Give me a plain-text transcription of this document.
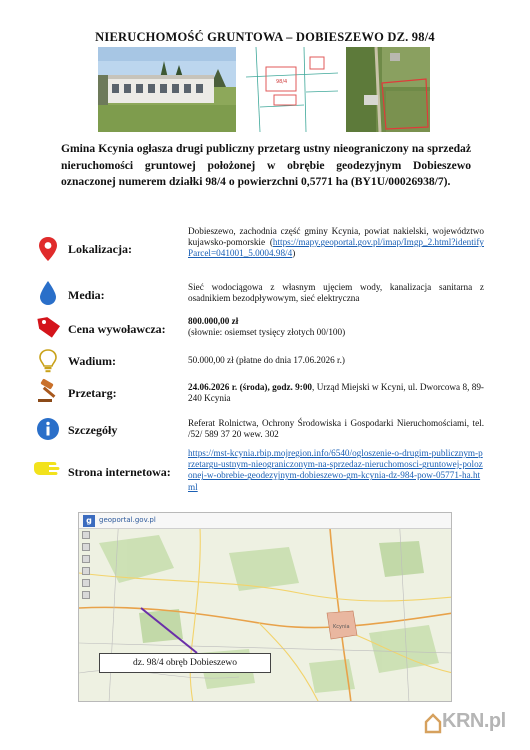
NIERUCHOMOŚĆ GRUNTOWA – DOBIESZEWO DZ. 98/4
98/4
Gmina Kcynia ogłasza drugi publiczny przetarg ustny nieograniczony na sprzedaż nieruchomości gruntowej położonej w obrębie geodezyjnym Dobieszewo oznaczonej numerem działki 98/4 o powierzchni 0,5771 ha (BY1U/00026938/7).
Lokalizacja:
Dobieszewo, zachodnia część gminy Kcynia, powiat nakielski, województwo kujawsko-pomorskie (https://mapy.geoportal.gov.pl/imap/Imgp_2.html?identifyParcel=041001_5.0004.98/4)
Media:
Sieć wodociągowa z własnym ujęciem wody, kanalizacja sanitarna z osadnikiem bezodpływowym, sieć elektryczna
Cena wywoławcza:
800.000,00 zł
(słownie: osiemset tysięcy złotych 00/100)
Wadium:	50.000,00 zł (płatne do dnia 17.06.2026 r.)
Przetarg:	24.06.2026 r. (środa), godz. 9:00, Urząd Miejski w Kcyni, ul. Dworcowa 8, 89-240 Kcynia
Szczegóły	Referat Rolnictwa, Ochrony Środowiska i Gospodarki Nieruchomościami, tel. /52/ 589 37 20 wew. 302
Strona internetowa:
https://mst-kcynia.rbip.mojregion.info/6540/ogloszenie-o-drugim-publicznym-przetargu-ustnym-nieograniczonym-na-sprzedaz-nieruchomosci-gruntowej-polozonej-w-obrebie-geodezyjnym-dobieszewo-gm-kcynia-dz-984-pow-05771-ha.html
Kcynia
g	geoportal.gov.pl
dz. 98/4 obręb Dobieszewo
KRN.pl
